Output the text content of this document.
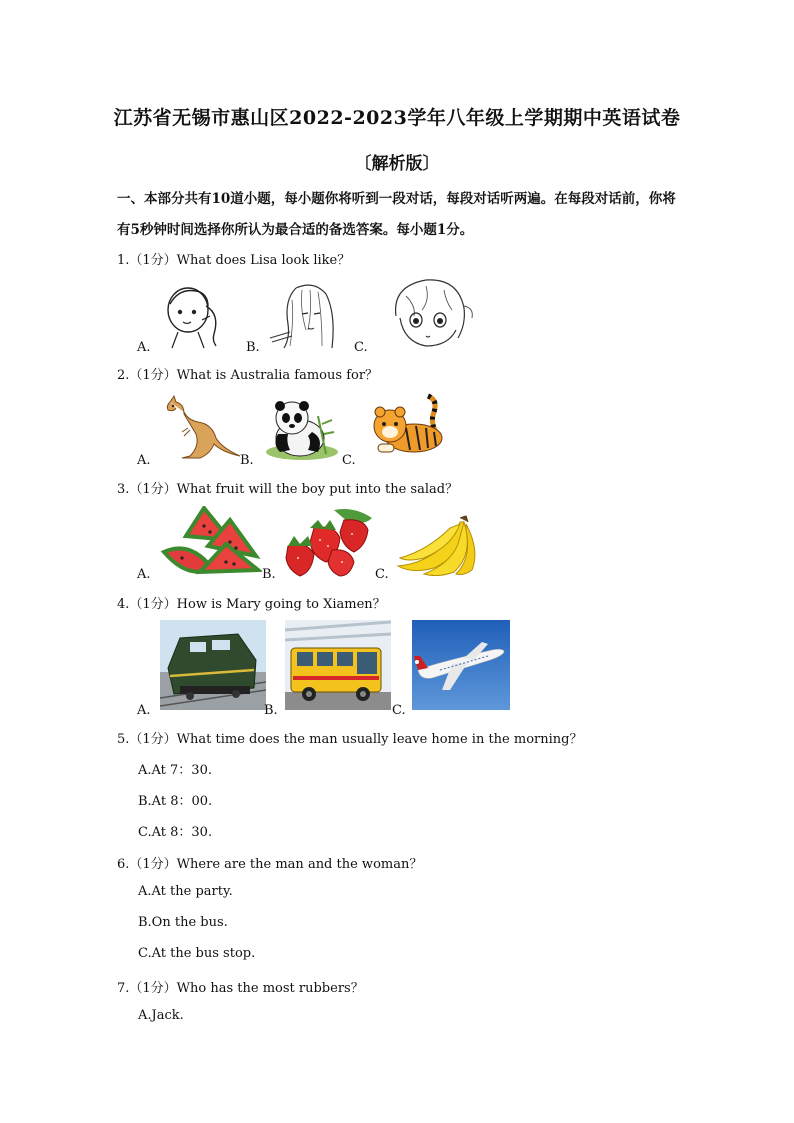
江苏省无锡市惠山区2022-2023学年八年级上学期期中英语试卷
〔解析版〕
一、本部分共有10道小题，每小题你将听到一段对话，每段对话听两遍。在每段对话前，你将有5秒钟时间选择你所认为最合适的备选答案。每小题1分。
1.（1分）What does Lisa look like？
A.	B.	C.
2.（1分）What is Australia famous for？
A.	B.	C.
3.（1分）What fruit will the boy put into the salad？
A.	B.	C.
4.（1分）How is Mary going to Xiamen？
A.	B.	C.
5.（1分）What time does the man usually leave home in the morning？
A.At 7：30.
B.At 8：00.
C.At 8：30.
6.（1分）Where are the man and the woman？
A.At the party.
B.On the bus.
C.At the bus stop.
7.（1分）Who has the most rubbers？
A.Jack.
